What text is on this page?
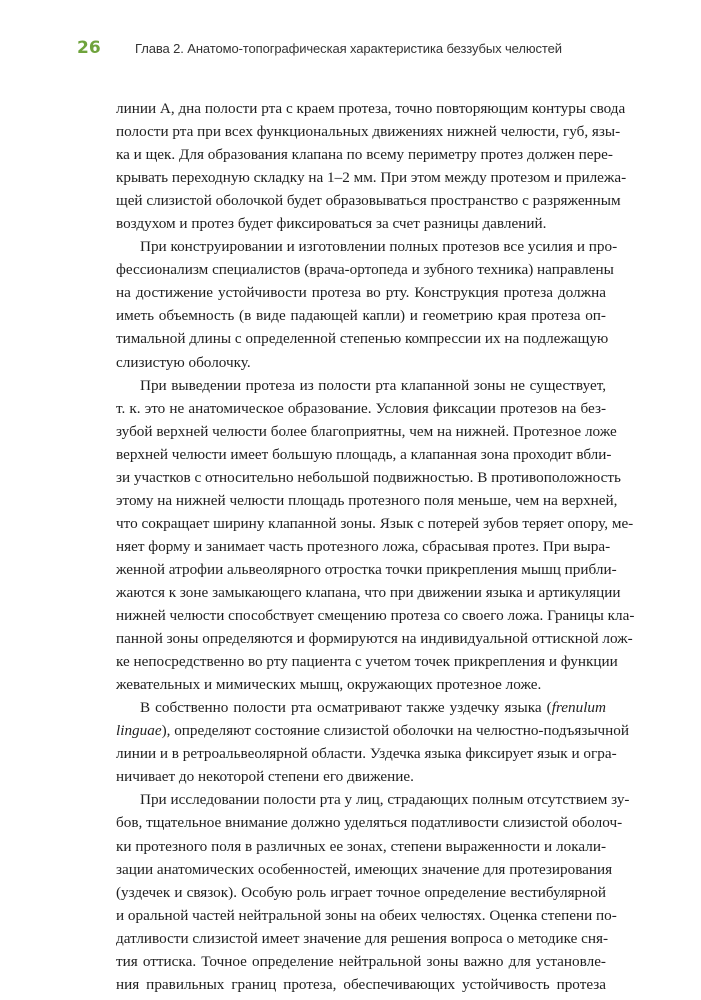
26	Глава 2. Анатомо-топографическая характеристика беззубых челюстей

линии А, дна полости рта с краем протеза, точно повторяющим контуры свода
полости рта при всех функциональных движениях нижней челюсти, губ, язы-
ка и щек. Для образования клапана по всему периметру протез должен пере-
крывать переходную складку на 1–2 мм. При этом между протезом и прилежа-
щей слизистой оболочкой будет образовываться пространство с разряженным
воздухом и протез будет фиксироваться за счет разницы давлений.

При конструировании и изготовлении полных протезов все усилия и про-
фессионализм специалистов (врача-ортопеда и зубного техника) направлены
на достижение устойчивости протеза во рту. Конструкция протеза должна
иметь объемность (в виде падающей капли) и геометрию края протеза оп-
тимальной длины с определенной степенью компрессии их на подлежащую
слизистую оболочку.

При выведении протеза из полости рта клапанной зоны не существует,
т. к. это не анатомическое образование. Условия фиксации протезов на без-
зубой верхней челюсти более благоприятны, чем на нижней. Протезное ложе
верхней челюсти имеет большую площадь, а клапанная зона проходит вбли-
зи участков с относительно небольшой подвижностью. В противоположность
этому на нижней челюсти площадь протезного поля меньше, чем на верхней,
что сокращает ширину клапанной зоны. Язык с потерей зубов теряет опору, ме-
няет форму и занимает часть протезного ложа, сбрасывая протез. При выра-
женной атрофии альвеолярного отростка точки прикрепления мышц прибли-
жаются к зоне замыкающего клапана, что при движении языка и артикуляции
нижней челюсти способствует смещению протеза со своего ложа. Границы кла-
панной зоны определяются и формируются на индивидуальной оттискной лож-
ке непосредственно во рту пациента с учетом точек прикрепления и функции
жевательных и мимических мышц, окружающих протезное ложе.

В собственно полости рта осматривают также уздечку языка (frenulum
linguae), определяют состояние слизистой оболочки на челюстно-подъязычной
линии и в ретроальвеолярной области. Уздечка языка фиксирует язык и огра-
ничивает до некоторой степени его движение.

При исследовании полости рта у лиц, страдающих полным отсутствием зу-
бов, тщательное внимание должно уделяться податливости слизистой оболоч-
ки протезного поля в различных ее зонах, степени выраженности и локали-
зации анатомических особенностей, имеющих значение для протезирования
(уздечек и связок). Особую роль играет точное определение вестибулярной
и оральной частей нейтральной зоны на обеих челюстях. Оценка степени по-
датливости слизистой имеет значение для решения вопроса о методике сня-
тия оттиска. Точное определение нейтральной зоны важно для установле-
ния правильных границ протеза, обеспечивающих устойчивость протеза
